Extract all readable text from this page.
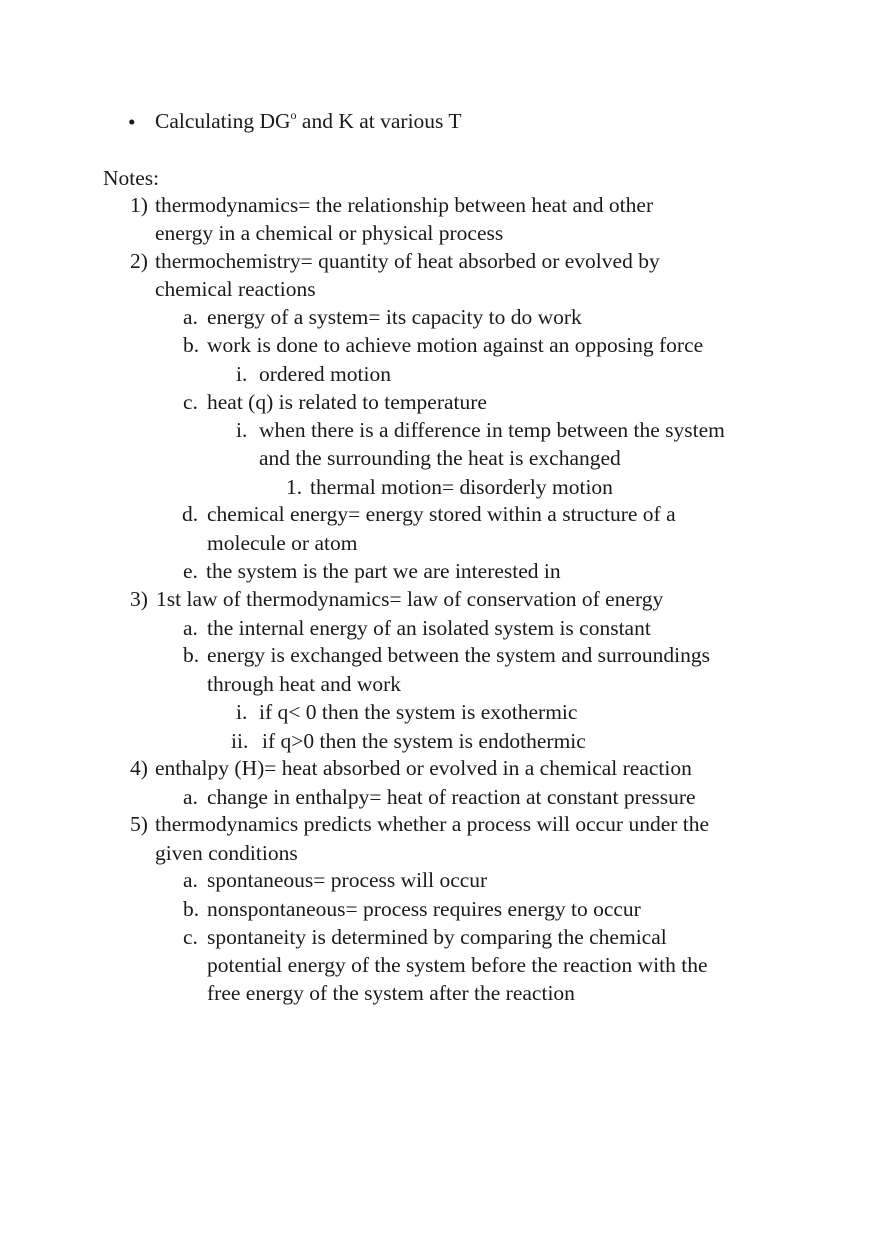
• Calculating $DG^o$ and K at various T
Notes:
1) thermodynamics= the relationship between heat and other
energy in a chemical or physical process
2) thermochemistry= quantity of heat absorbed or evolved by
chemical reactions
a. energy of a system= its capacity to do work
b. work is done to achieve motion against an opposing force
i. ordered motion
c. heat (q) is related to temperature
i. when there is a difference in temp between the system
and the surrounding the heat is exchanged
1. thermal motion= disorderly motion
d. chemical energy= energy stored within a structure of a
molecule or atom
e. the system is the part we are interested in
3) 1st law of thermodynamics= law of conservation of energy
a. the internal energy of an isolated system is constant
b. energy is exchanged between the system and surroundings
through heat and work
i. if q< 0 then the system is exothermic
ii. if q>0 then the system is endothermic
4) enthalpy (H)= heat absorbed or evolved in a chemical reaction
a. change in enthalpy= heat of reaction at constant pressure
5) thermodynamics predicts whether a process will occur under the
given conditions
a. spontaneous= process will occur
b. nonspontaneous= process requires energy to occur
c. spontaneity is determined by comparing the chemical
potential energy of the system before the reaction with the
free energy of the system after the reaction
